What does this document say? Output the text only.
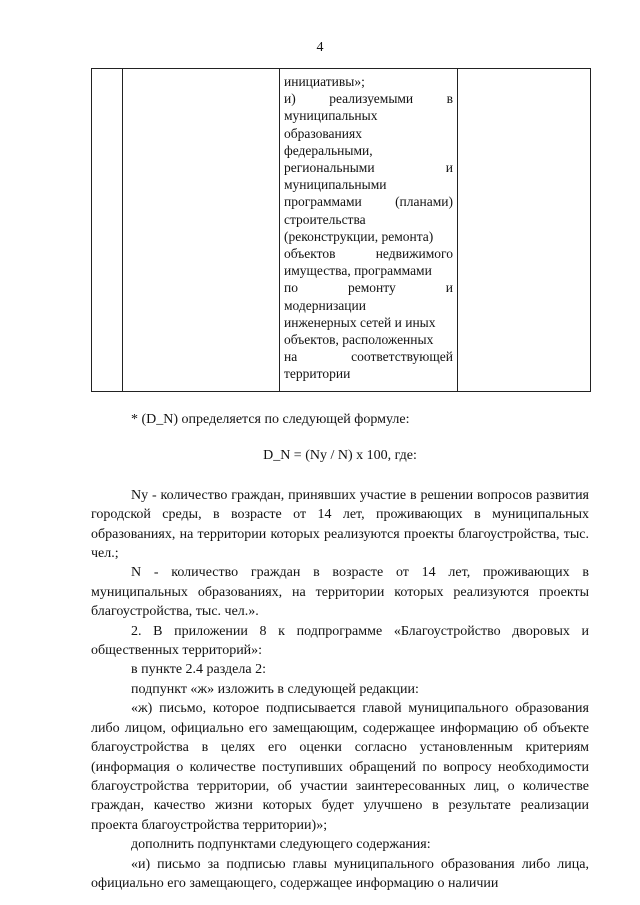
4

инициативы»;
и) реализуемыми в
муниципальных
образованиях
федеральными,
региональными	и
муниципальными
программами (планами)
строительства
(реконструкции, ремонта)
объектов	недвижимого
имущества, программами
по	ремонту	и
модернизации
инженерных сетей и иных
объектов, расположенных
на	соответствующей
территории

* (D_N) определяется по следующей формуле:

D_N = (Ny / N) x 100, где:

Ny - количество граждан, принявших участие в решении вопросов развития городской среды, в возрасте от 14 лет, проживающих в муниципальных образованиях, на территории которых реализуются проекты благоустройства, тыс. чел.;

N - количество граждан в возрасте от 14 лет, проживающих в муниципальных образованиях, на территории которых реализуются проекты благоустройства, тыс. чел.».

2. В приложении 8 к подпрограмме «Благоустройство дворовых и общественных территорий»:

в пункте 2.4 раздела 2:

подпункт «ж» изложить в следующей редакции:

«ж) письмо, которое подписывается главой муниципального образования либо лицом, официально его замещающим, содержащее информацию об объекте благоустройства в целях его оценки согласно установленным критериям (информация о количестве поступивших обращений по вопросу необходимости благоустройства территории, об участии заинтересованных лиц, о количестве граждан, качество жизни которых будет улучшено в результате реализации проекта благоустройства территории)»;

дополнить подпунктами следующего содержания:

«и) письмо за подписью главы муниципального образования либо лица, официально его замещающего, содержащее информацию о наличии
